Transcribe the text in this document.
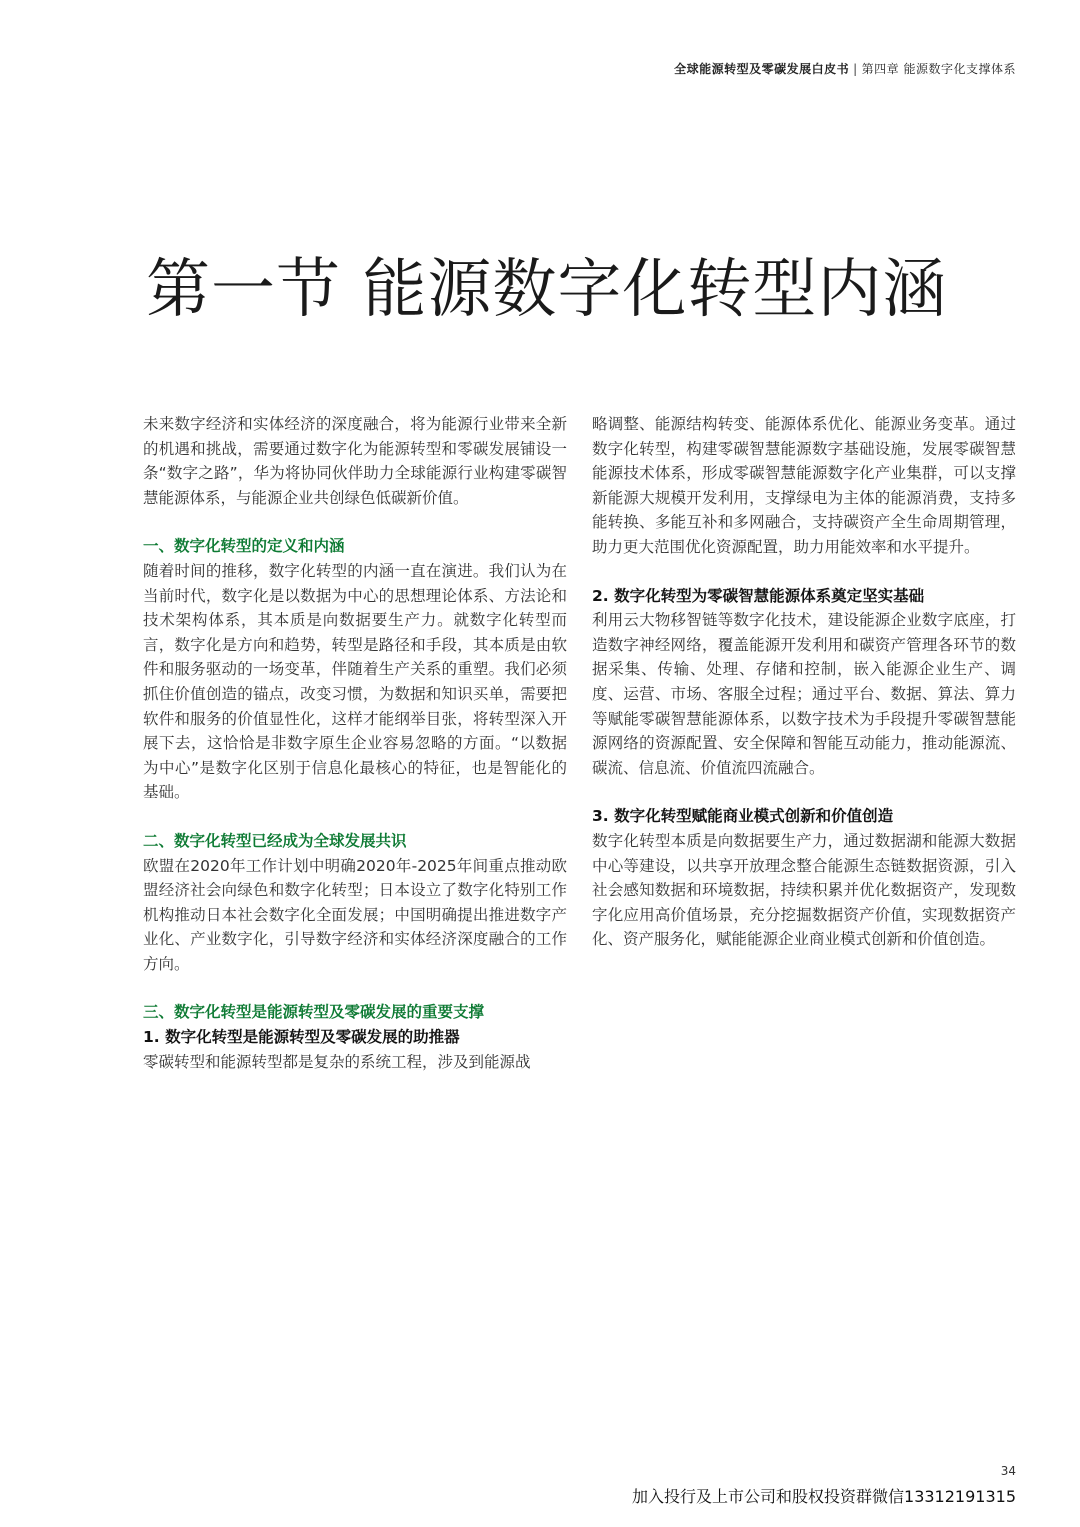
全球能源转型及零碳发展白皮书 | 第四章 能源数字化支撑体系
第一节 能源数字化转型内涵

未来数字经济和实体经济的深度融合，将为能源行业带来全新的机遇和挑战，需要通过数字化为能源转型和零碳发展铺设一条“数字之路”，华为将协同伙伴助力全球能源行业构建零碳智慧能源体系，与能源企业共创绿色低碳新价值。

一、数字化转型的定义和内涵

随着时间的推移，数字化转型的内涵一直在演进。我们认为在当前时代，数字化是以数据为中心的思想理论体系、方法论和技术架构体系，其本质是向数据要生产力。就数字化转型而言，数字化是方向和趋势，转型是路径和手段，其本质是由软件和服务驱动的一场变革，伴随着生产关系的重塑。我们必须抓住价值创造的锚点，改变习惯，为数据和知识买单，需要把软件和服务的价值显性化，这样才能纲举目张，将转型深入开展下去，这恰恰是非数字原生企业容易忽略的方面。“以数据为中心”是数字化区别于信息化最核心的特征，也是智能化的基础。

二、数字化转型已经成为全球发展共识

欧盟在2020年工作计划中明确2020年-2025年间重点推动欧盟经济社会向绿色和数字化转型；日本设立了数字化特别工作机构推动日本社会数字化全面发展；中国明确提出推进数字产业化、产业数字化，引导数字经济和实体经济深度融合的工作方向。

三、数字化转型是能源转型及零碳发展的重要支撑
1. 数字化转型是能源转型及零碳发展的助推器

零碳转型和能源转型都是复杂的系统工程，涉及到能源战

略调整、能源结构转变、能源体系优化、能源业务变革。通过数字化转型，构建零碳智慧能源数字基础设施，发展零碳智慧能源技术体系，形成零碳智慧能源数字化产业集群，可以支撑新能源大规模开发利用，支撑绿电为主体的能源消费，支持多能转换、多能互补和多网融合，支持碳资产全生命周期管理，助力更大范围优化资源配置，助力用能效率和水平提升。

2. 数字化转型为零碳智慧能源体系奠定坚实基础

利用云大物移智链等数字化技术，建设能源企业数字底座，打造数字神经网络，覆盖能源开发利用和碳资产管理各环节的数据采集、传输、处理、存储和控制，嵌入能源企业生产、调度、运营、市场、客服全过程；通过平台、数据、算法、算力等赋能零碳智慧能源体系，以数字技术为手段提升零碳智慧能源网络的资源配置、安全保障和智能互动能力，推动能源流、碳流、信息流、价值流四流融合。

3. 数字化转型赋能商业模式创新和价值创造

数字化转型本质是向数据要生产力，通过数据湖和能源大数据中心等建设，以共享开放理念整合能源生态链数据资源，引入社会感知数据和环境数据，持续积累并优化数据资产，发现数字化应用高价值场景，充分挖掘数据资产价值，实现数据资产化、资产服务化，赋能能源企业商业模式创新和价值创造。

34
加入投行及上市公司和股权投资群微信13312191315
